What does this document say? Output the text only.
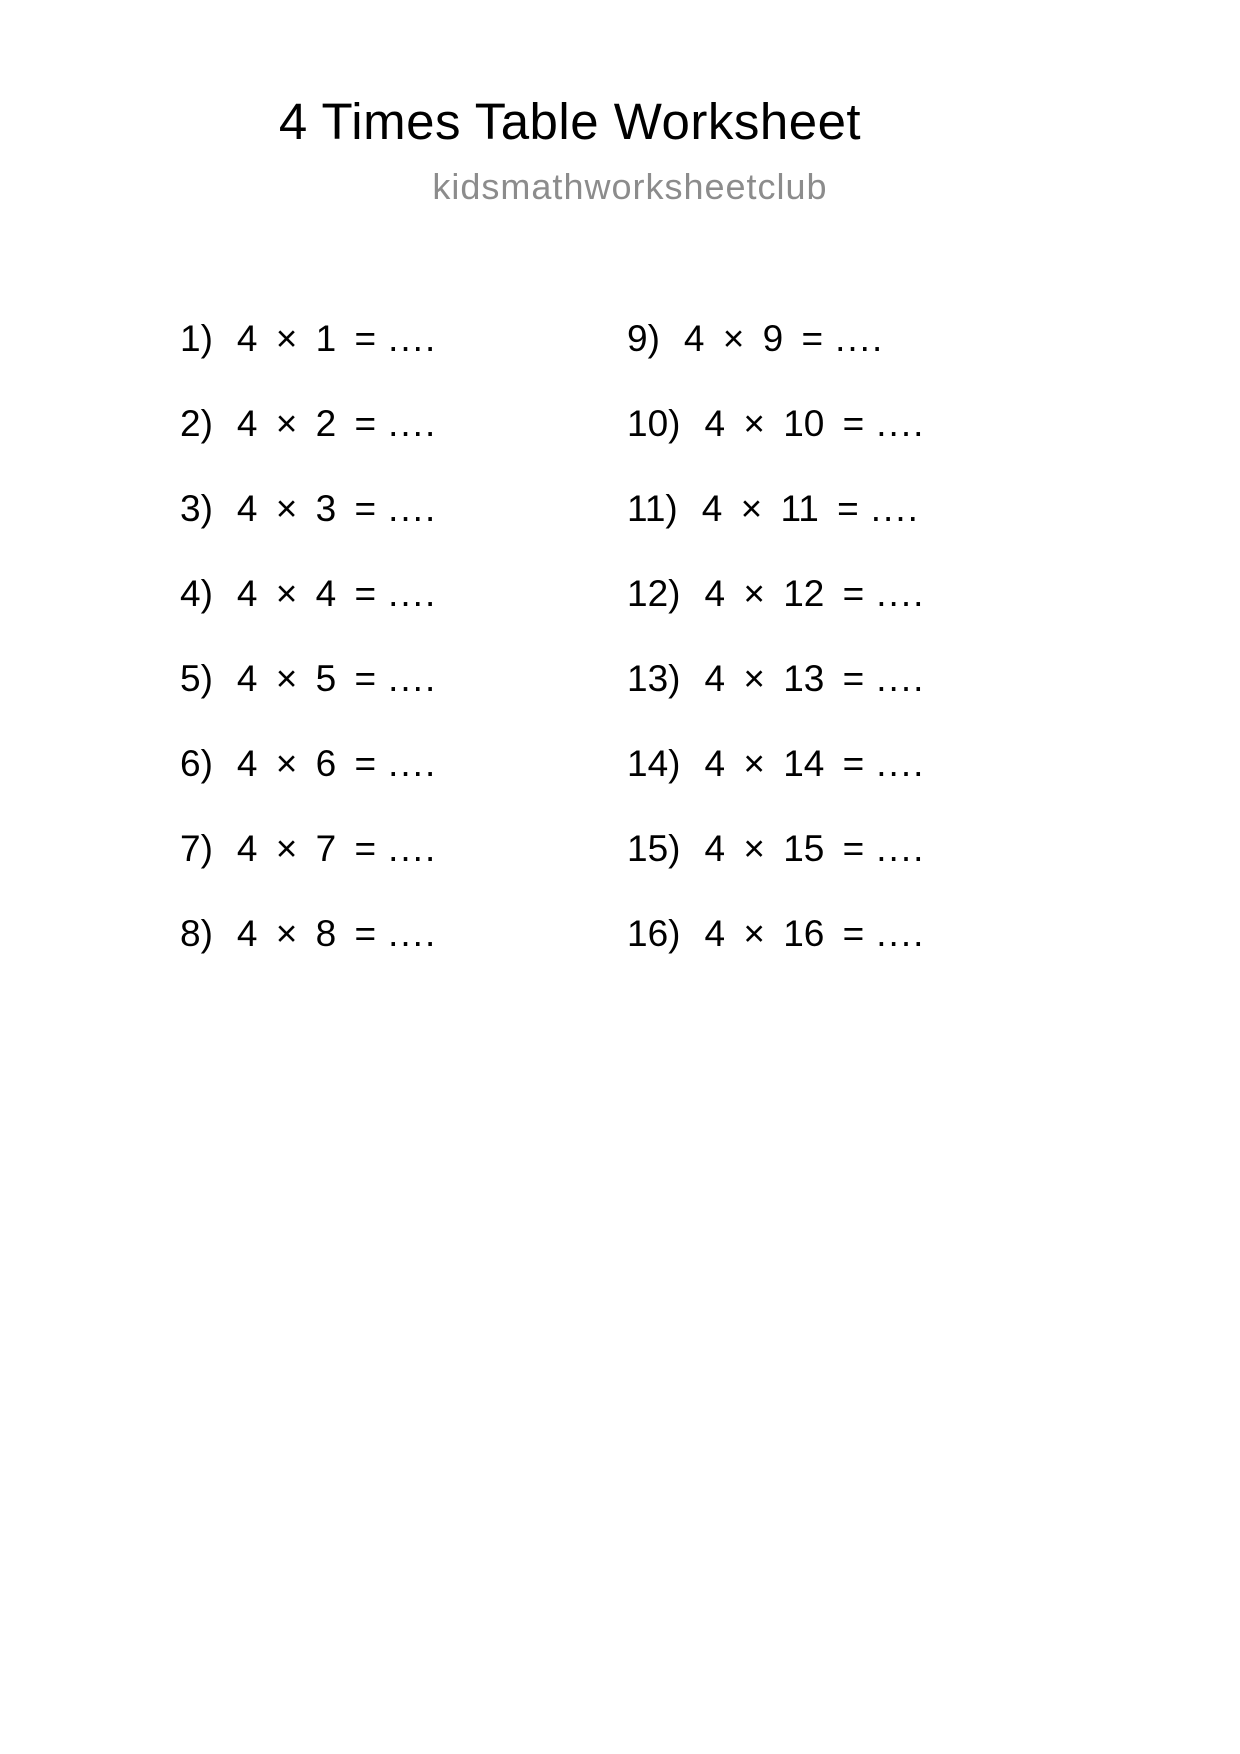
4 Times Table Worksheet
kidsmathworksheetclub
1) 4 × 1 = ....
2) 4 × 2 = ....
3) 4 × 3 = ....
4) 4 × 4 = ....
5) 4 × 5 = ....
6) 4 × 6 = ....
7) 4 × 7 = ....
8) 4 × 8 = ....
9) 4 × 9 = ....
10) 4 × 10 = ....
11) 4 × 11 = ....
12) 4 × 12 = ....
13) 4 × 13 = ....
14) 4 × 14 = ....
15) 4 × 15 = ....
16) 4 × 16 = ....
